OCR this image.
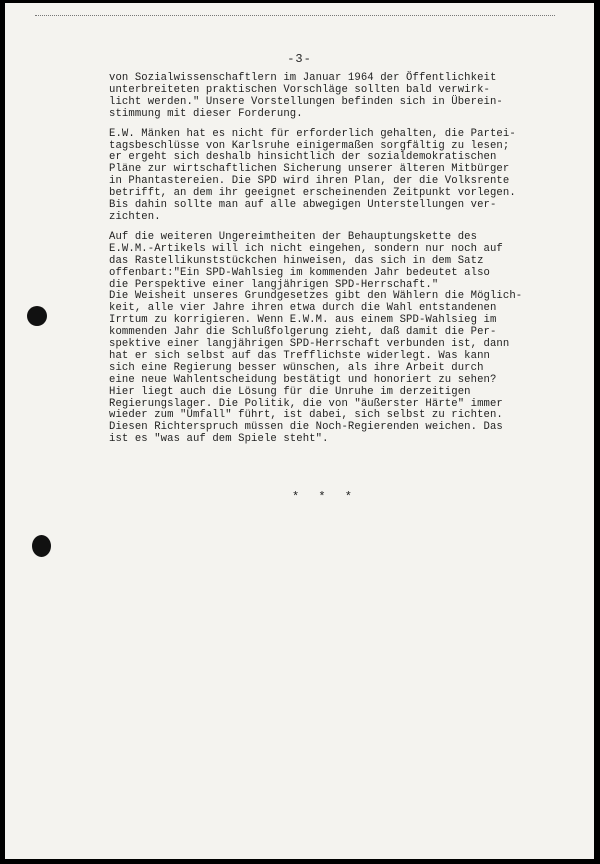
-3-
von Sozialwissenschaftlern im Januar 1964 der Öffentlichkeit
unterbreiteten praktischen Vorschläge sollten bald verwirk-
licht werden." Unsere Vorstellungen befinden sich in Überein-
stimmung mit dieser Forderung.
E.W. Mänken hat es nicht für erforderlich gehalten, die Partei-
tagsbeschlüsse von Karlsruhe einigermaßen sorgfältig zu lesen;
er ergeht sich deshalb hinsichtlich der sozialdemokratischen
Pläne zur wirtschaftlichen Sicherung unserer älteren Mitbürger
in Phantastereien. Die SPD wird ihren Plan, der die Volksrente
betrifft, an dem ihr geeignet erscheinenden Zeitpunkt vorlegen.
Bis dahin sollte man auf alle abwegigen Unterstellungen ver-
zichten.
Auf die weiteren Ungereimtheiten der Behauptungskette des
E.W.M.-Artikels will ich nicht eingehen, sondern nur noch auf
das Rastellikunststückchen hinweisen, das sich in dem Satz
offenbart:"Ein SPD-Wahlsieg im kommenden Jahr bedeutet also
die Perspektive einer langjährigen SPD-Herrschaft."
Die Weisheit unseres Grundgesetzes gibt den Wählern die Möglich-
keit, alle vier Jahre ihren etwa durch die Wahl entstandenen
Irrtum zu korrigieren. Wenn E.W.M. aus einem SPD-Wahlsieg im
kommenden Jahr die Schlußfolgerung zieht, daß damit die Per-
spektive einer langjährigen SPD-Herrschaft verbunden ist, dann
hat er sich selbst auf das Trefflichste widerlegt. Was kann
sich eine Regierung besser wünschen, als ihre Arbeit durch
eine neue Wahlentscheidung bestätigt und honoriert zu sehen?
Hier liegt auch die Lösung für die Unruhe im derzeitigen
Regierungslager. Die Politik, die von "äußerster Härte" immer
wieder zum "Umfall" führt, ist dabei, sich selbst zu richten.
Diesen Richterspruch müssen die Noch-Regierenden weichen. Das
ist es "was auf dem Spiele steht".
* * *
